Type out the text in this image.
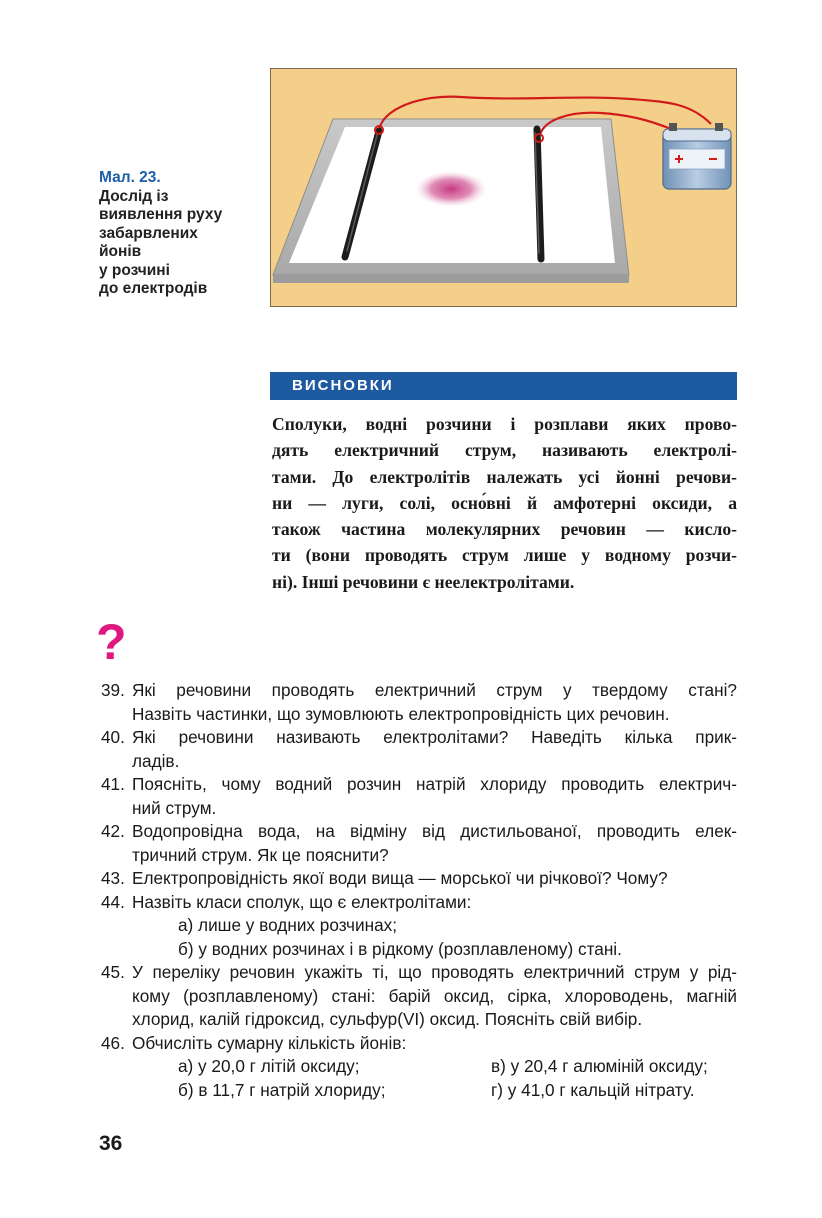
Мал. 23.
Дослід із
виявлення руху
забарвлених
йонів
у розчині
до електродів
ВИСНОВКИ
Сполуки, водні розчини і розплави яких прово-
дять електричний струм, називають електролі-
тами. До електролітів належать усі йонні речови-
ни — луги, солі, осно́вні й амфотерні оксиди, а
також частина молекулярних речовин — кисло-
ти (вони проводять струм лише у водному розчи-
ні). Інші речовини є неелектролітами.
?
39. Які речовини проводять електричний струм у твердому стані?
Назвіть частинки, що зумовлюють електропровідність цих речовин.
40. Які речовини називають електролітами? Наведіть кілька прик-
ладів.
41. Поясніть, чому водний розчин натрій хлориду проводить електрич-
ний струм.
42. Водопровідна вода, на відміну від дистильованої, проводить елек-
тричний струм. Як це пояснити?
43. Електропровідність якої води вища — морської чи річкової? Чому?
44. Назвіть класи сполук, що є електролітами:
а) лише у водних розчинах;
б) у водних розчинах і в рідкому (розплавленому) стані.
45. У переліку речовин укажіть ті, що проводять електричний струм у рід-
кому (розплавленому) стані: барій оксид, сірка, хлороводень, магній
хлорид, калій гідроксид, сульфур(VI) оксид. Поясніть свій вибір.
46. Обчисліть сумарну кількість йонів:
а) у 20,0 г літій оксиду;	в) у 20,4 г алюміній оксиду;
б) в 11,7 г натрій хлориду;	г) у 41,0 г кальцій нітрату.
36
